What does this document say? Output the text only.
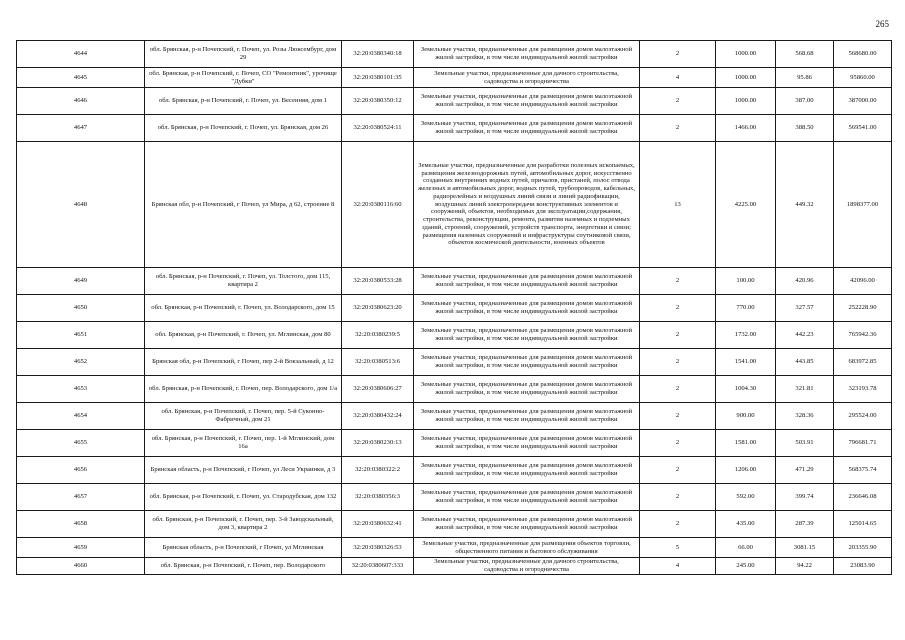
265
4644	обл. Брянская, р-н Почепский, г. Почеп, ул. Розы Люксембург, дом 29	32:20:0380340:18	Земельные участки, предназначенные для размещения домов малоэтажной жилой застройки, в том числе индивидуальной жилой застройки	2	1000.00	568.68	568680.00
4645	обл. Брянская, р-н Почепский, г. Почеп, СО "Ремонтник", урочище "Дубки"	32:20:0380101:35	Земельные участки, предназначенные для дачного строительства, садоводства и огородничества	4	1000.00	95.86	95860.00
4646	обл. Брянская, р-н Почепский, г. Почеп, ул. Весенняя, дом 1	32:20:0380350:12	Земельные участки, предназначенные для размещения домов малоэтажной жилой застройки, в том числе индивидуальной жилой застройки	2	1000.00	387.00	387000.00
4647	обл. Брянская, р-н Почепский, г. Почеп, ул. Брянская, дом 26	32:20:0380524:11	Земельные участки, предназначенные для размещения домов малоэтажной жилой застройки, в том числе индивидуальной жилой застройки	2	1466.00	388.50	569541.00
4648	Брянская обл, р-н Почепский, г Почеп, ул Мира, д 62, строение 8	32:20:0380116:60	Земельные участки, предназначенные для разработки полезных ископаемых, размещения железнодорожных путей, автомобильных дорог, искусственно созданных внутренних водных путей, причалов, пристаней, полос отвода железных и автомобильных дорог, водных путей, трубопроводов, кабельных, радиорелейных и воздушных линий связи и линий радиофикации, воздушных линий электропередачи конструктивных элементов и сооружений, объектов, необходимых для эксплуатации,содержания, строительства, реконструкции, ремонта, развития наземных и подземных зданий, строений, сооружений, устройств транспорта, энергетики и связи; размещения наземных сооружений и инфраструктуры спутниковой связи, объектов космической деятельности, военных объектов	13	4225.00	449.32	1898377.00
4649	обл. Брянская, р-н Почепский, г. Почеп, ул. Толстого, дом 115, квартира 2	32:20:0380533:28	Земельные участки, предназначенные для размещения домов малоэтажной жилой застройки, в том числе индивидуальной жилой застройки	2	100.00	420.96	42096.00
4650	обл. Брянская, р-н Почепский, г. Почеп, ул. Володарского, дом 15	32:20:0380623:20	Земельные участки, предназначенные для размещения домов малоэтажной жилой застройки, в том числе индивидуальной жилой застройки	2	770.00	327.57	252228.90
4651	обл. Брянская, р-н Почепский, г. Почеп, ул. Мглинская, дом 80	32:20:0380239:5	Земельные участки, предназначенные для размещения домов малоэтажной жилой застройки, в том числе индивидуальной жилой застройки	2	1732.00	442.23	765942.36
4652	Брянская обл, р-н Почепский, г Почеп, пер 2-й Вокзальный, д 12	32:20:0380513:6	Земельные участки, предназначенные для размещения домов малоэтажной жилой застройки, в том числе индивидуальной жилой застройки	2	1541.00	443.85	683972.85
4653	обл. Брянская, р-н Почепский, г. Почеп, пер. Володарского, дом 1/а	32:20:0380606:27	Земельные участки, предназначенные для размещения домов малоэтажной жилой застройки, в том числе индивидуальной жилой застройки	2	1004.30	321.81	323193.78
4654	обл. Брянская, р-н Почепский, г. Почеп, пер. 5-й Суконно-Фабричный, дом 21	32:20:0380432:24	Земельные участки, предназначенные для размещения домов малоэтажной жилой застройки, в том числе индивидуальной жилой застройки	2	900.00	328.36	295524.00
4655	обл. Брянская, р-н Почепский, г. Почеп, пер. 1-й Мглинский, дом 16а	32:20:0380230:13	Земельные участки, предназначенные для размещения домов малоэтажной жилой застройки, в том числе индивидуальной жилой застройки	2	1581.00	503.91	796681.71
4656	Брянская область, р-н Почепский, г Почеп, ул Леси Украинки, д 3	32:20:0380322:2	Земельные участки, предназначенные для размещения домов малоэтажной жилой застройки, в том числе индивидуальной жилой застройки	2	1206.00	471.29	568375.74
4657	обл. Брянская, р-н Почепский, г. Почеп, ул. Стародубская, дом 132	32:20:0380356:3	Земельные участки, предназначенные для размещения домов малоэтажной жилой застройки, в том числе индивидуальной жилой застройки	2	592.00	399.74	236646.08
4658	обл. Брянская, р-н Почепский, г. Почеп, пер. 3-й Заводскальный, дом 3, квартира 2	32:20:0380632:41	Земельные участки, предназначенные для размещения домов малоэтажной жилой застройки, в том числе индивидуальной жилой застройки	2	435.00	287.39	125014.65
4659	Брянская область, р-н Почепский, г Почеп, ул Мглинская	32:20:0380326:53	Земельные участки, предназначенные для размещения объектов торговли, общественного питания и бытового обслуживания	5	66.00	3081.15	203355.90
4660	обл. Брянская, р-н Почепский, г. Почеп, пер. Володарского	32:20:0380607:333	Земельные участки, предназначенные для дачного строительства, садоводства и огородничества	4	245.00	94.22	23083.90
